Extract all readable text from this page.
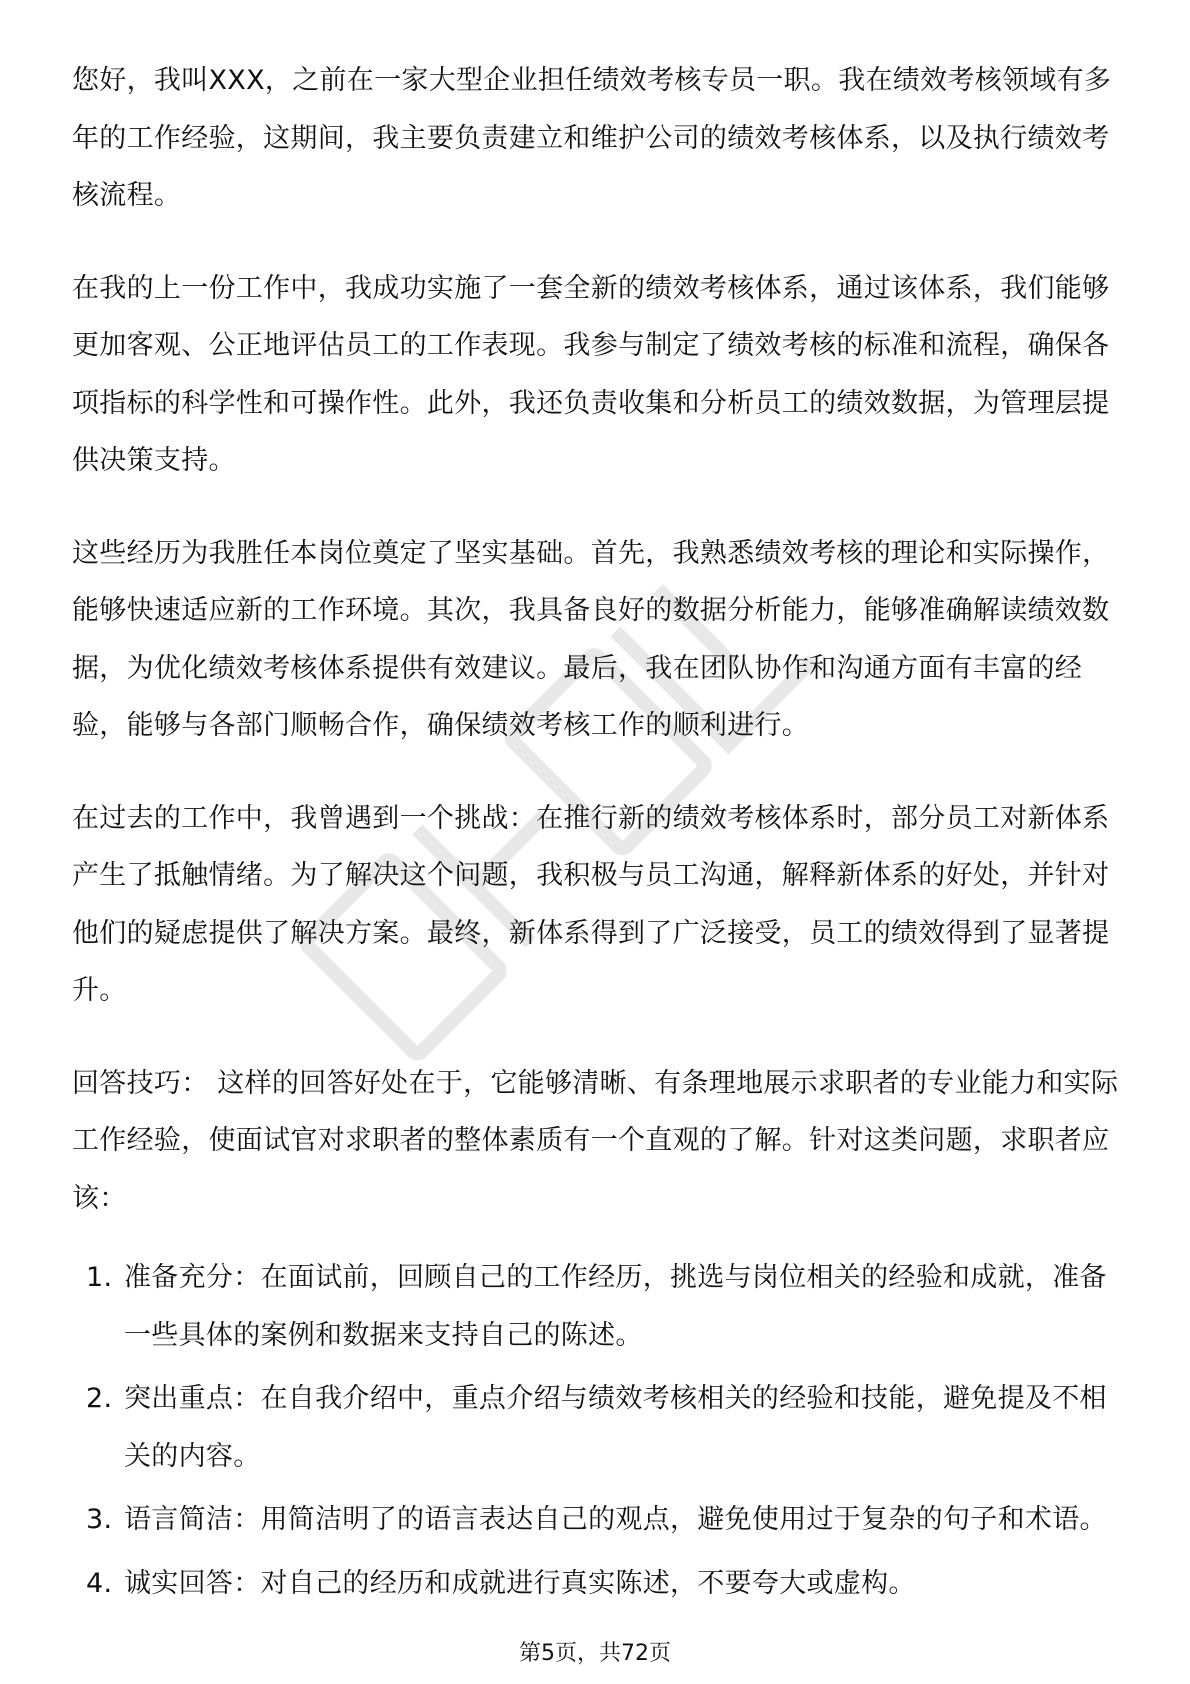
您好，我叫XXX，之前在一家大型企业担任绩效考核专员一职。我在绩效考核领域有多年的工作经验，这期间，我主要负责建立和维护公司的绩效考核体系，以及执行绩效考核流程。

在我的上一份工作中，我成功实施了一套全新的绩效考核体系，通过该体系，我们能够更加客观、公正地评估员工的工作表现。我参与制定了绩效考核的标准和流程，确保各项指标的科学性和可操作性。此外，我还负责收集和分析员工的绩效数据，为管理层提供决策支持。

这些经历为我胜任本岗位奠定了坚实基础。首先，我熟悉绩效考核的理论和实际操作，能够快速适应新的工作环境。其次，我具备良好的数据分析能力，能够准确解读绩效数据，为优化绩效考核体系提供有效建议。最后，我在团队协作和沟通方面有丰富的经验，能够与各部门顺畅合作，确保绩效考核工作的顺利进行。

在过去的工作中，我曾遇到一个挑战：在推行新的绩效考核体系时，部分员工对新体系产生了抵触情绪。为了解决这个问题，我积极与员工沟通，解释新体系的好处，并针对他们的疑虑提供了解决方案。最终，新体系得到了广泛接受，员工的绩效得到了显著提升。

回答技巧： 这样的回答好处在于，它能够清晰、有条理地展示求职者的专业能力和实际工作经验，使面试官对求职者的整体素质有一个直观的了解。针对这类问题，求职者应该：

1. 准备充分：在面试前，回顾自己的工作经历，挑选与岗位相关的经验和成就，准备一些具体的案例和数据来支持自己的陈述。
2. 突出重点：在自我介绍中，重点介绍与绩效考核相关的经验和技能，避免提及不相关的内容。
3. 语言简洁：用简洁明了的语言表达自己的观点，避免使用过于复杂的句子和术语。
4. 诚实回答：对自己的经历和成就进行真实陈述，不要夸大或虚构。
第5页，共72页
